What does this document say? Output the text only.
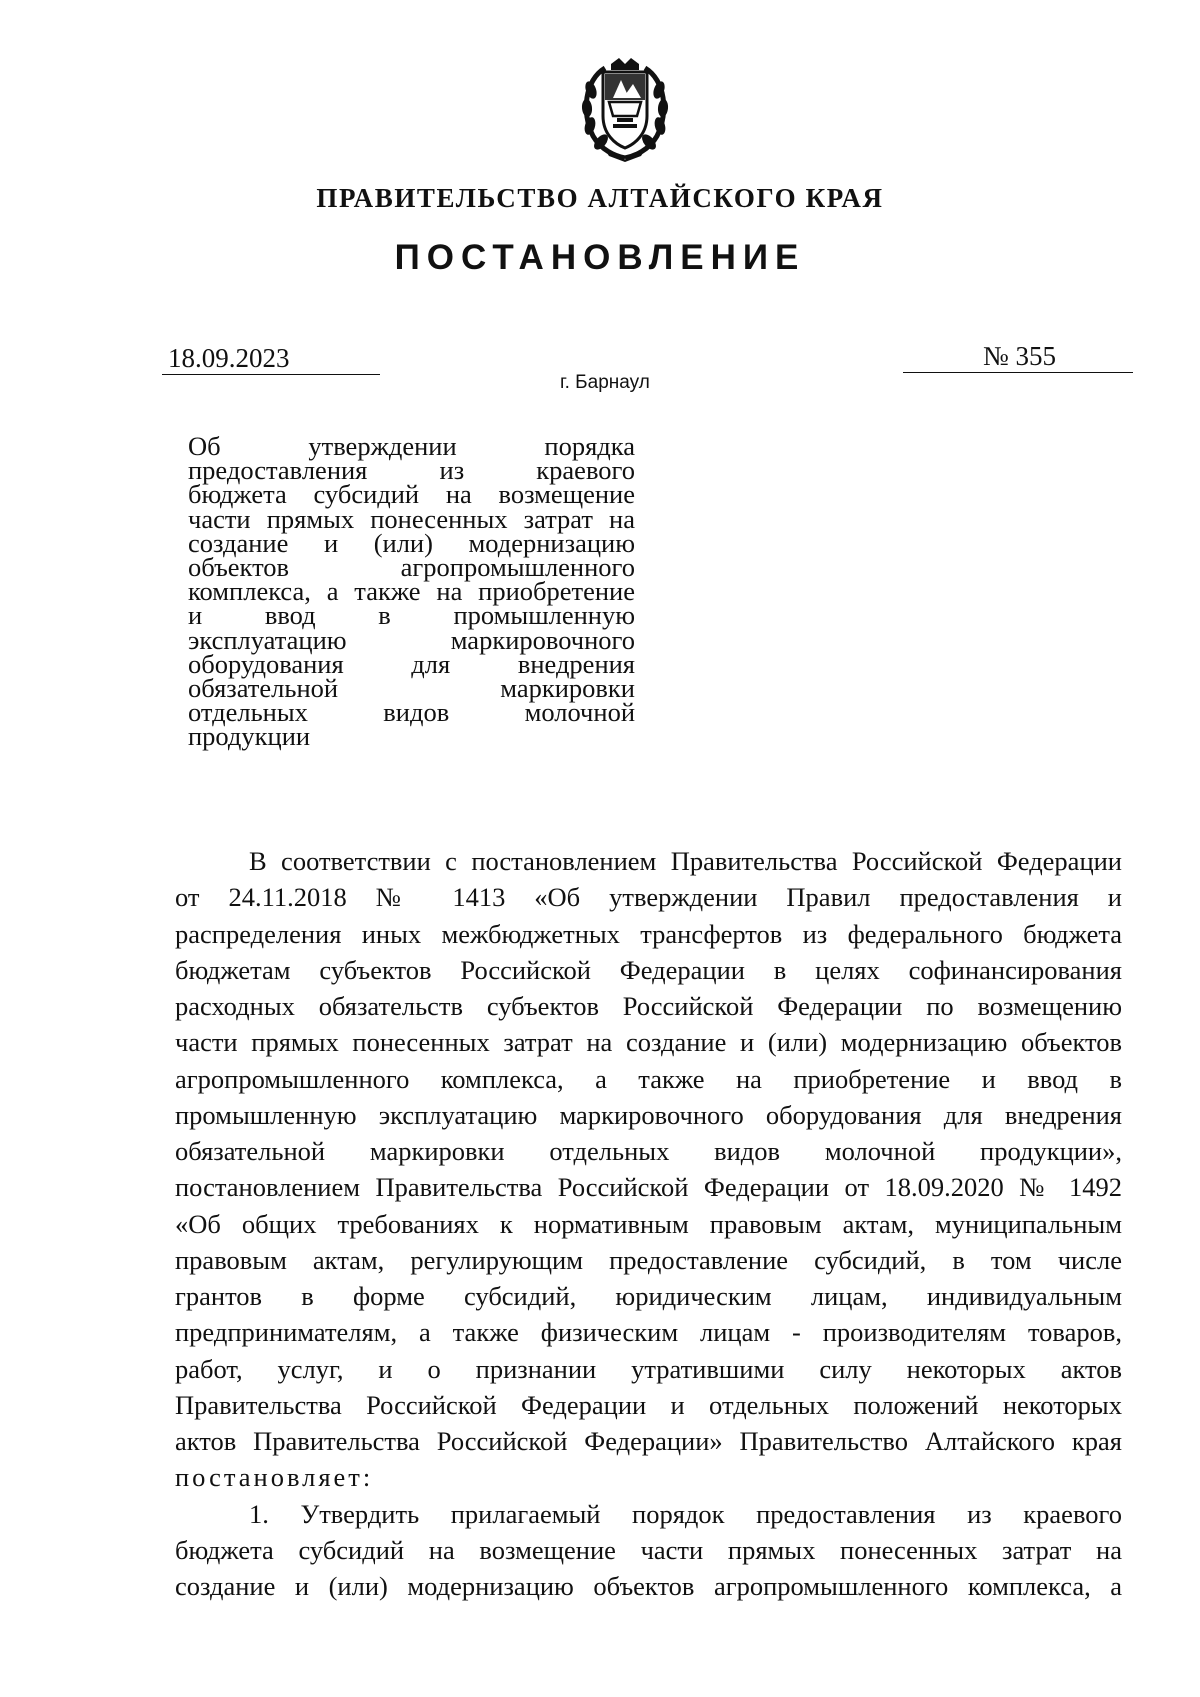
ПРАВИТЕЛЬСТВО АЛТАЙСКОГО КРАЯ
ПОСТАНОВЛЕНИЕ
18.09.2023	№ 355
г. Барнаул
Об утверждении порядка
предоставления из краевого
бюджета субсидий на возмещение
части прямых понесенных затрат на
создание и (или) модернизацию
объектов агропромышленного
комплекса, а также на приобретение
и ввод в промышленную
эксплуатацию маркировочного
оборудования для внедрения
обязательной маркировки
отдельных видов молочной
продукции
В соответствии с постановлением Правительства Российской Федерации
от 24.11.2018 № 1413 «Об утверждении Правил предоставления и
распределения иных межбюджетных трансфертов из федерального бюджета
бюджетам субъектов Российской Федерации в целях софинансирования
расходных обязательств субъектов Российской Федерации по возмещению
части прямых понесенных затрат на создание и (или) модернизацию объектов
агропромышленного комплекса, а также на приобретение и ввод в
промышленную эксплуатацию маркировочного оборудования для внедрения
обязательной маркировки отдельных видов молочной продукции»,
постановлением Правительства Российской Федерации от 18.09.2020 № 1492
«Об общих требованиях к нормативным правовым актам, муниципальным
правовым актам, регулирующим предоставление субсидий, в том числе
грантов в форме субсидий, юридическим лицам, индивидуальным
предпринимателям, а также физическим лицам - производителям товаров,
работ, услуг, и о признании утратившими силу некоторых актов
Правительства Российской Федерации и отдельных положений некоторых
актов Правительства Российской Федерации» Правительство Алтайского края
постановляет:
1. Утвердить прилагаемый порядок предоставления из краевого
бюджета субсидий на возмещение части прямых понесенных затрат на
создание и (или) модернизацию объектов агропромышленного комплекса, а
